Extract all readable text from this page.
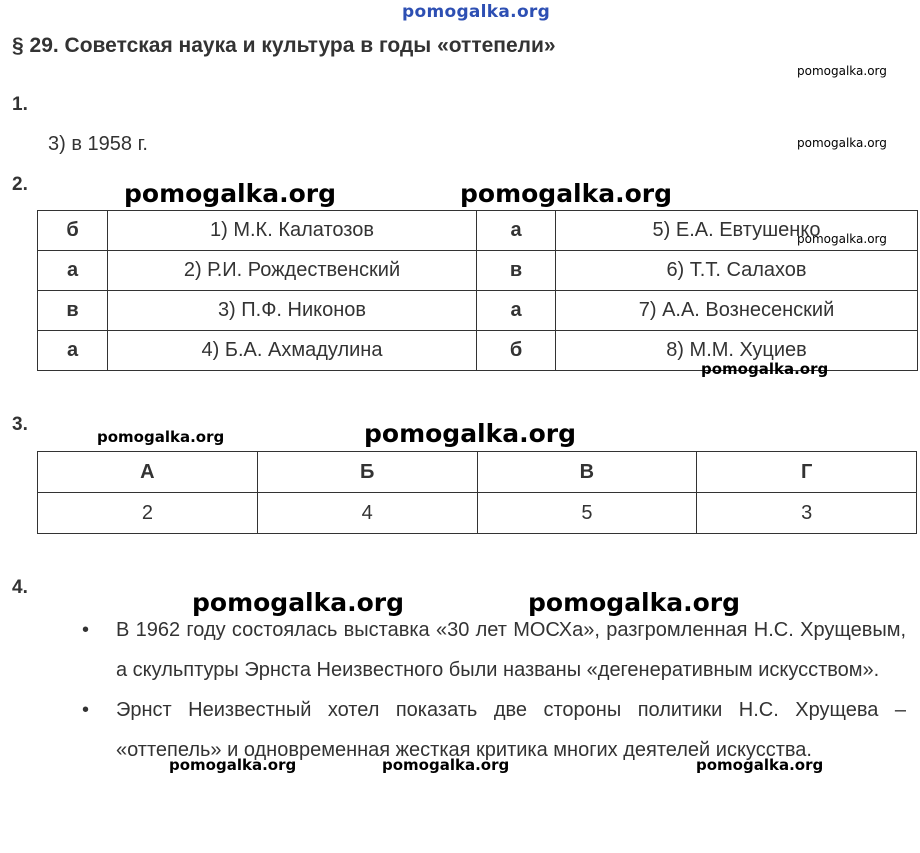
pomogalka.org
§ 29. Советская наука и культура в годы «оттепели»
1.
3) в 1958 г.
2.
б	1) М.К. Калатозов	а	5) Е.А. Евтушенко
а	2) Р.И. Рождественский	в	6) Т.Т. Салахов
в	3) П.Ф. Никонов	а	7) А.А. Вознесенский
а	4) Б.А. Ахмадулина	б	8) М.М. Хуциев
3.
А	Б	В	Г
2	4	5	3
4.
• В 1962 году состоялась выставка «30 лет МОСХа», разгромленная Н.С. Хрущевым, а скульптуры Эрнста Неизвестного были названы «дегенеративным искусством».
• Эрнст Неизвестный хотел показать две стороны политики Н.С. Хрущева – «оттепель» и одновременная жесткая критика многих деятелей искусства.
pomogalka.org
pomogalka.org
pomogalka.org	pomogalka.org
pomogalka.org
pomogalka.org
pomogalka.org	pomogalka.org
pomogalka.org	pomogalka.org
pomogalka.org	pomogalka.org	pomogalka.org
